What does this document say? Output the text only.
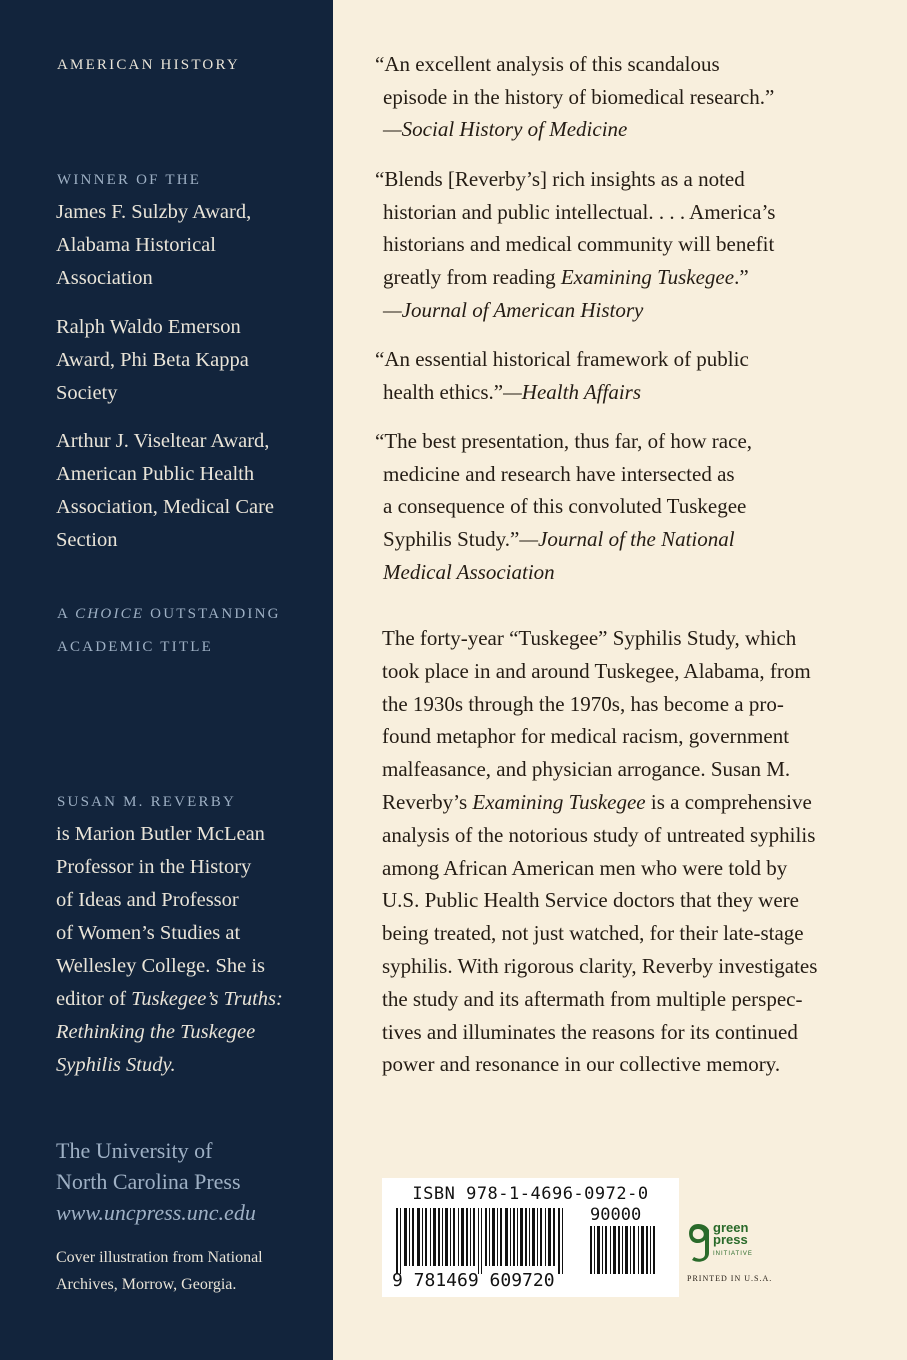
AMERICAN HISTORY
WINNER OF THE
James F. Sulzby Award,
Alabama Historical
Association
Ralph Waldo Emerson
Award, Phi Beta Kappa
Society
Arthur J. Viseltear Award,
American Public Health
Association, Medical Care
Section
A CHOICE OUTSTANDING
ACADEMIC TITLE
SUSAN M. REVERBY
is Marion Butler McLean
Professor in the History
of Ideas and Professor
of Women’s Studies at
Wellesley College. She is
editor of Tuskegee’s Truths:
Rethinking the Tuskegee
Syphilis Study.
The University of
North Carolina Press
www.uncpress.unc.edu
Cover illustration from National
Archives, Morrow, Georgia.
“An excellent analysis of this scandalous
episode in the history of biomedical research.”
—Social History of Medicine
“Blends [Reverby’s] rich insights as a noted
historian and public intellectual. . . . America’s
historians and medical community will benefit
greatly from reading Examining Tuskegee.”
—Journal of American History
“An essential historical framework of public
health ethics.”—Health Affairs
“The best presentation, thus far, of how race,
medicine and research have intersected as
a consequence of this convoluted Tuskegee
Syphilis Study.”—Journal of the National
Medical Association
The forty-year “Tuskegee” Syphilis Study, which
took place in and around Tuskegee, Alabama, from
the 1930s through the 1970s, has become a pro-
found metaphor for medical racism, government
malfeasance, and physician arrogance. Susan M.
Reverby’s Examining Tuskegee is a comprehensive
analysis of the notorious study of untreated syphilis
among African American men who were told by
U.S. Public Health Service doctors that they were
being treated, not just watched, for their late-stage
syphilis. With rigorous clarity, Reverby investigates
the study and its aftermath from multiple perspec-
tives and illuminates the reasons for its continued
power and resonance in our collective memory.
ISBN 978-1-4696-0972-0
90000
9 781469 609720
green
press
INITIATIVE
PRINTED IN U.S.A.
